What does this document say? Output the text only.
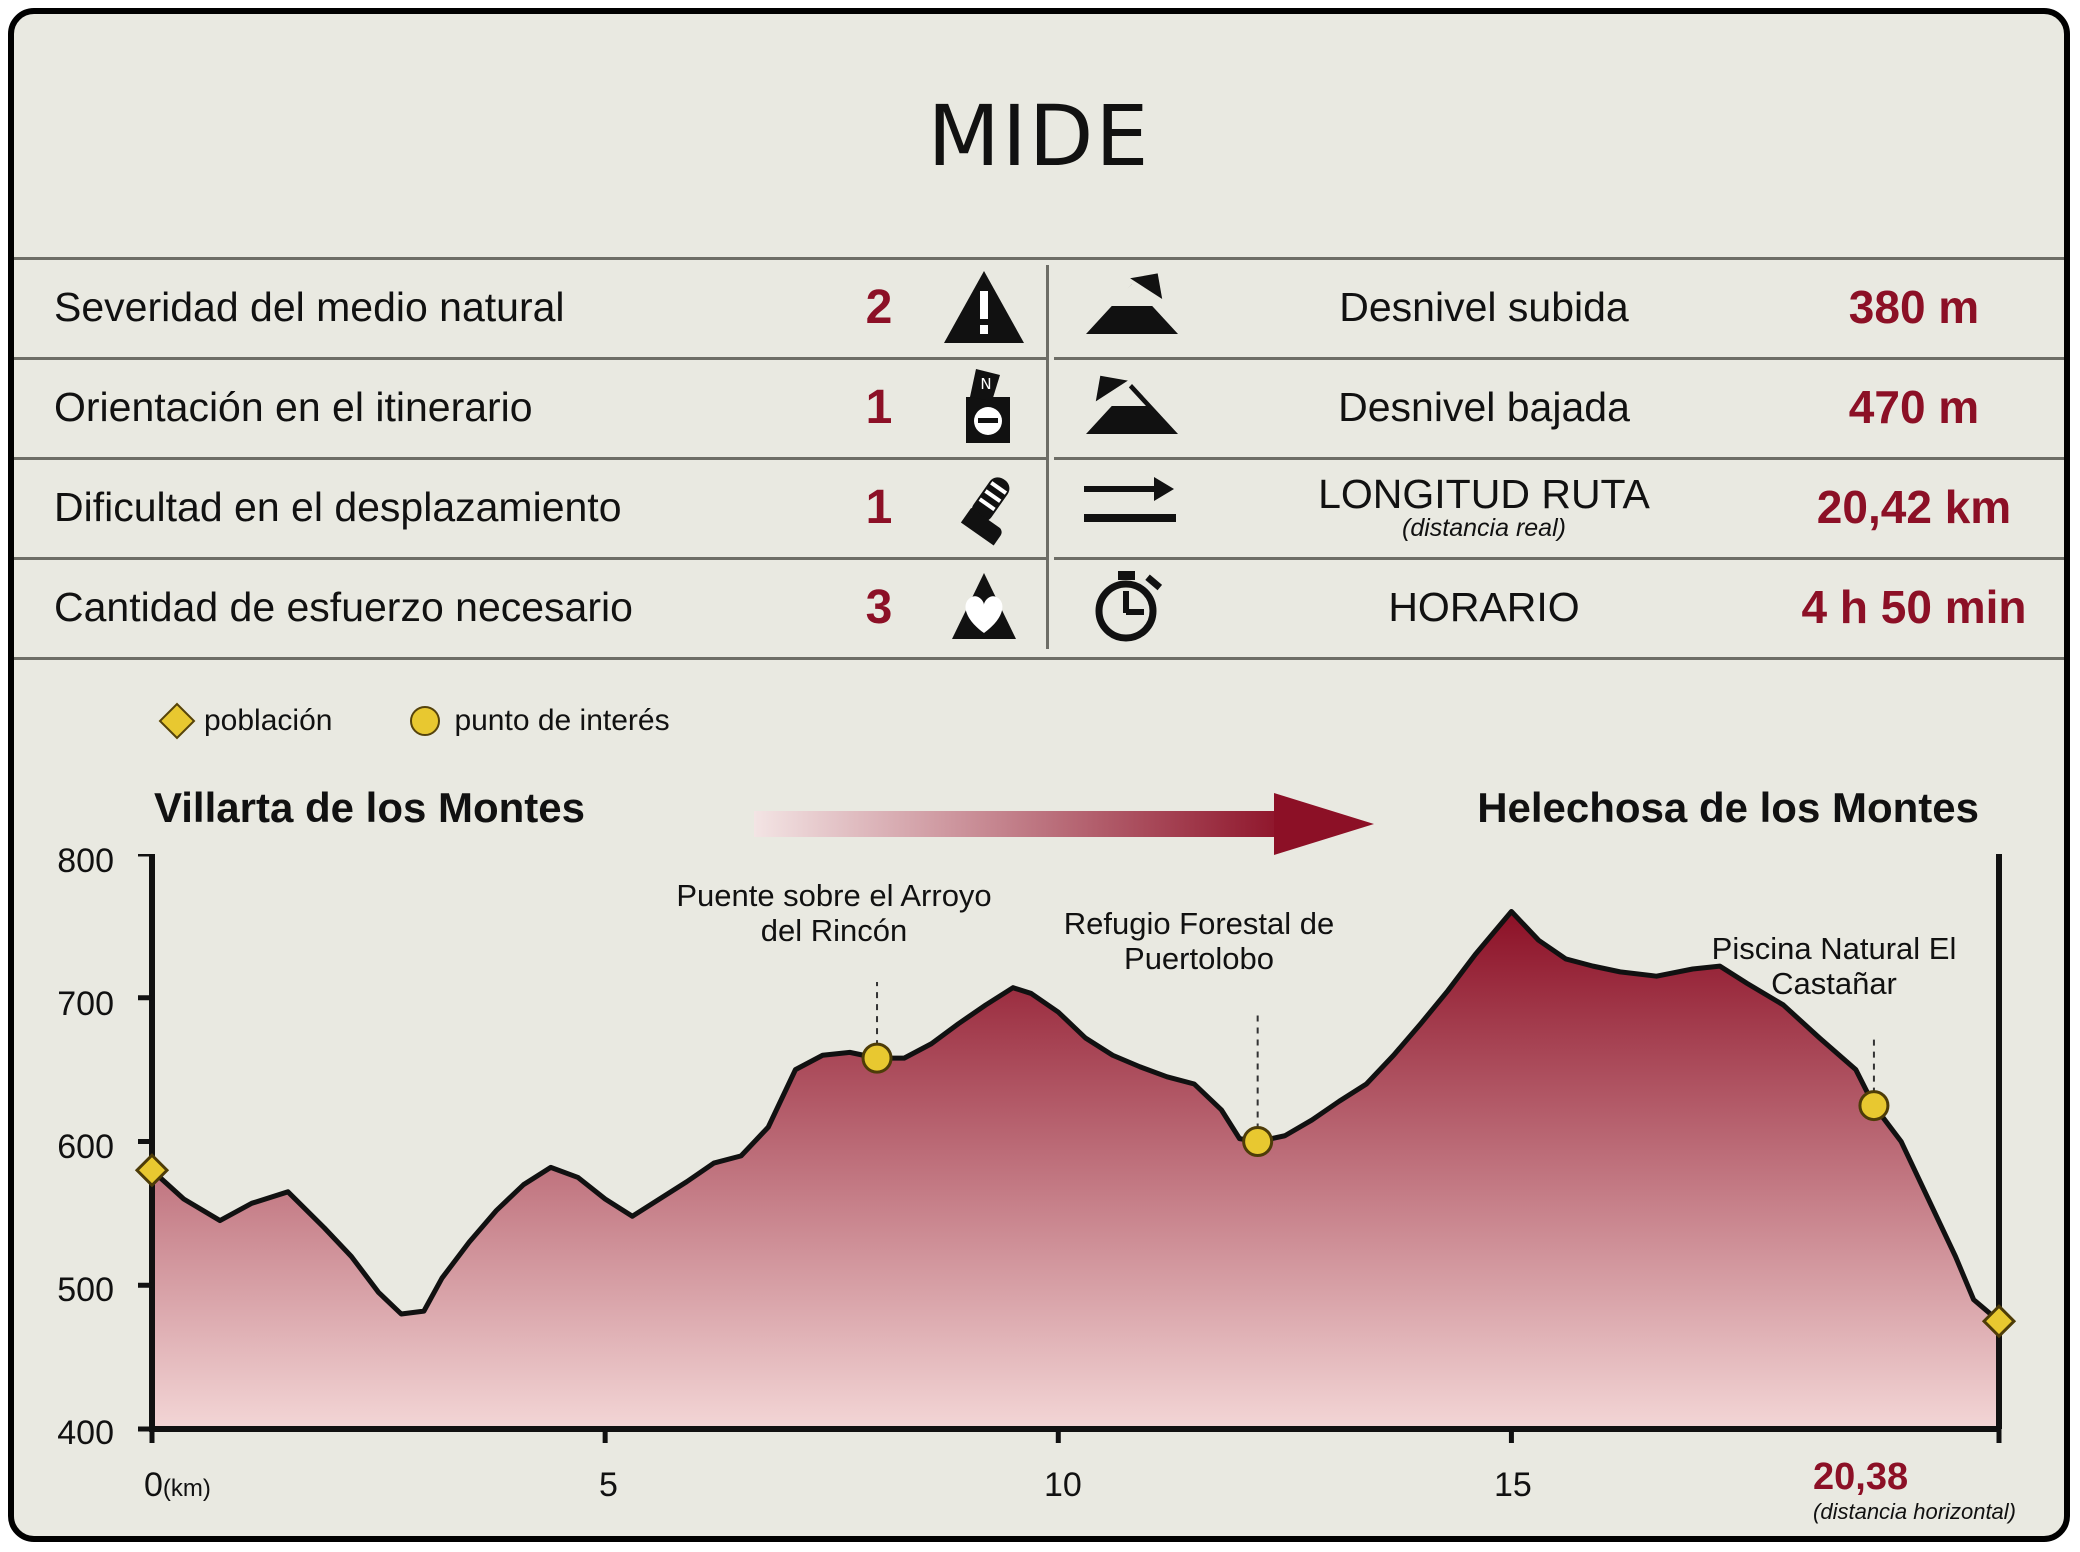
MIDE
Severidad del medio natural	2
Orientación en el itinerario	1	N
Dificultad en el desplazamiento	1
Cantidad de esfuerzo necesario	3
Desnivel subida	380 m
Desnivel bajada	470 m
LONGITUD RUTA
(distancia real)	20,42 km
HORARIO	4 h 50 min
población	punto de interés
Villarta de los Montes	Helechosa de los Montes
800
700
600
500
400
0(km)	5	10	15	20,38
(distancia horizontal)
Puente sobre el Arroyo del Rincón	Refugio Forestal de Puertolobo	Piscina Natural El Castañar
